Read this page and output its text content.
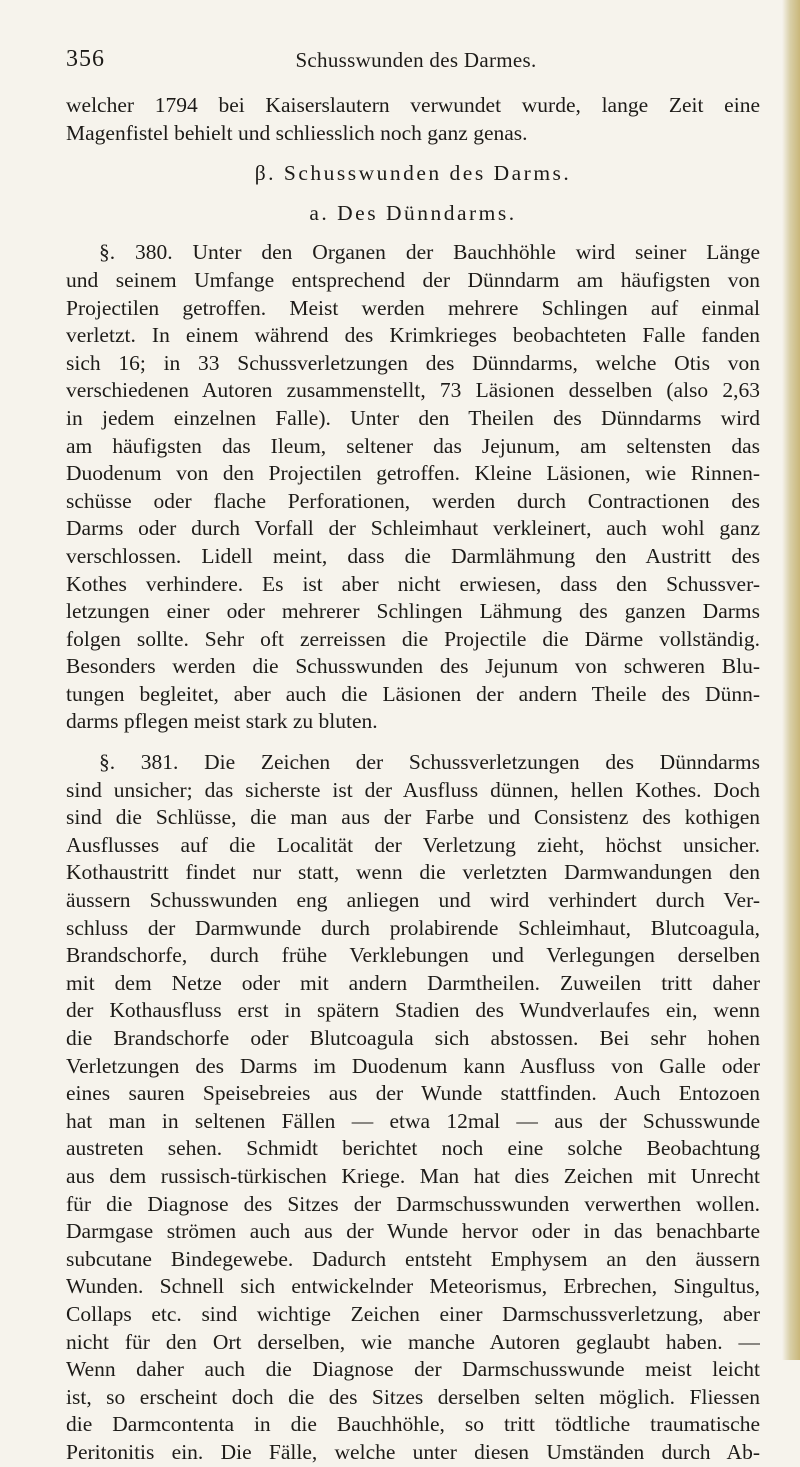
356	Schusswunden des Darmes.
welcher 1794 bei Kaiserslautern verwundet wurde, lange Zeit eine
Magenfistel behielt und schliesslich noch ganz genas.
β. Schusswunden des Darms.
a. Des Dünndarms.
§. 380. Unter den Organen der Bauchhöhle wird seiner Länge
und seinem Umfange entsprechend der Dünndarm am häufigsten von
Projectilen getroffen. Meist werden mehrere Schlingen auf einmal
verletzt. In einem während des Krimkrieges beobachteten Falle fanden
sich 16; in 33 Schussverletzungen des Dünndarms, welche Otis von
verschiedenen Autoren zusammenstellt, 73 Läsionen desselben (also 2,63
in jedem einzelnen Falle). Unter den Theilen des Dünndarms wird
am häufigsten das Ileum, seltener das Jejunum, am seltensten das
Duodenum von den Projectilen getroffen. Kleine Läsionen, wie Rinnen-
schüsse oder flache Perforationen, werden durch Contractionen des
Darms oder durch Vorfall der Schleimhaut verkleinert, auch wohl ganz
verschlossen. Lidell meint, dass die Darmlähmung den Austritt des
Kothes verhindere. Es ist aber nicht erwiesen, dass den Schussver-
letzungen einer oder mehrerer Schlingen Lähmung des ganzen Darms
folgen sollte. Sehr oft zerreissen die Projectile die Därme vollständig.
Besonders werden die Schusswunden des Jejunum von schweren Blu-
tungen begleitet, aber auch die Läsionen der andern Theile des Dünn-
darms pflegen meist stark zu bluten.
§. 381. Die Zeichen der Schussverletzungen des Dünndarms
sind unsicher; das sicherste ist der Ausfluss dünnen, hellen Kothes. Doch
sind die Schlüsse, die man aus der Farbe und Consistenz des kothigen
Ausflusses auf die Localität der Verletzung zieht, höchst unsicher.
Kothaustritt findet nur statt, wenn die verletzten Darmwandungen den
äussern Schusswunden eng anliegen und wird verhindert durch Ver-
schluss der Darmwunde durch prolabirende Schleimhaut, Blutcoagula,
Brandschorfe, durch frühe Verklebungen und Verlegungen derselben
mit dem Netze oder mit andern Darmtheilen. Zuweilen tritt daher
der Kothausfluss erst in spätern Stadien des Wundverlaufes ein, wenn
die Brandschorfe oder Blutcoagula sich abstossen. Bei sehr hohen
Verletzungen des Darms im Duodenum kann Ausfluss von Galle oder
eines sauren Speisebreies aus der Wunde stattfinden. Auch Entozoen
hat man in seltenen Fällen — etwa 12mal — aus der Schusswunde
austreten sehen. Schmidt berichtet noch eine solche Beobachtung
aus dem russisch-türkischen Kriege. Man hat dies Zeichen mit Unrecht
für die Diagnose des Sitzes der Darmschusswunden verwerthen wollen.
Darmgase strömen auch aus der Wunde hervor oder in das benachbarte
subcutane Bindegewebe. Dadurch entsteht Emphysem an den äussern
Wunden. Schnell sich entwickelnder Meteorismus, Erbrechen, Singultus,
Collaps etc. sind wichtige Zeichen einer Darmschussverletzung, aber
nicht für den Ort derselben, wie manche Autoren geglaubt haben. —
Wenn daher auch die Diagnose der Darmschusswunde meist leicht
ist, so erscheint doch die des Sitzes derselben selten möglich. Fliessen
die Darmcontenta in die Bauchhöhle, so tritt tödtliche traumatische
Peritonitis ein. Die Fälle, welche unter diesen Umständen durch Ab-
